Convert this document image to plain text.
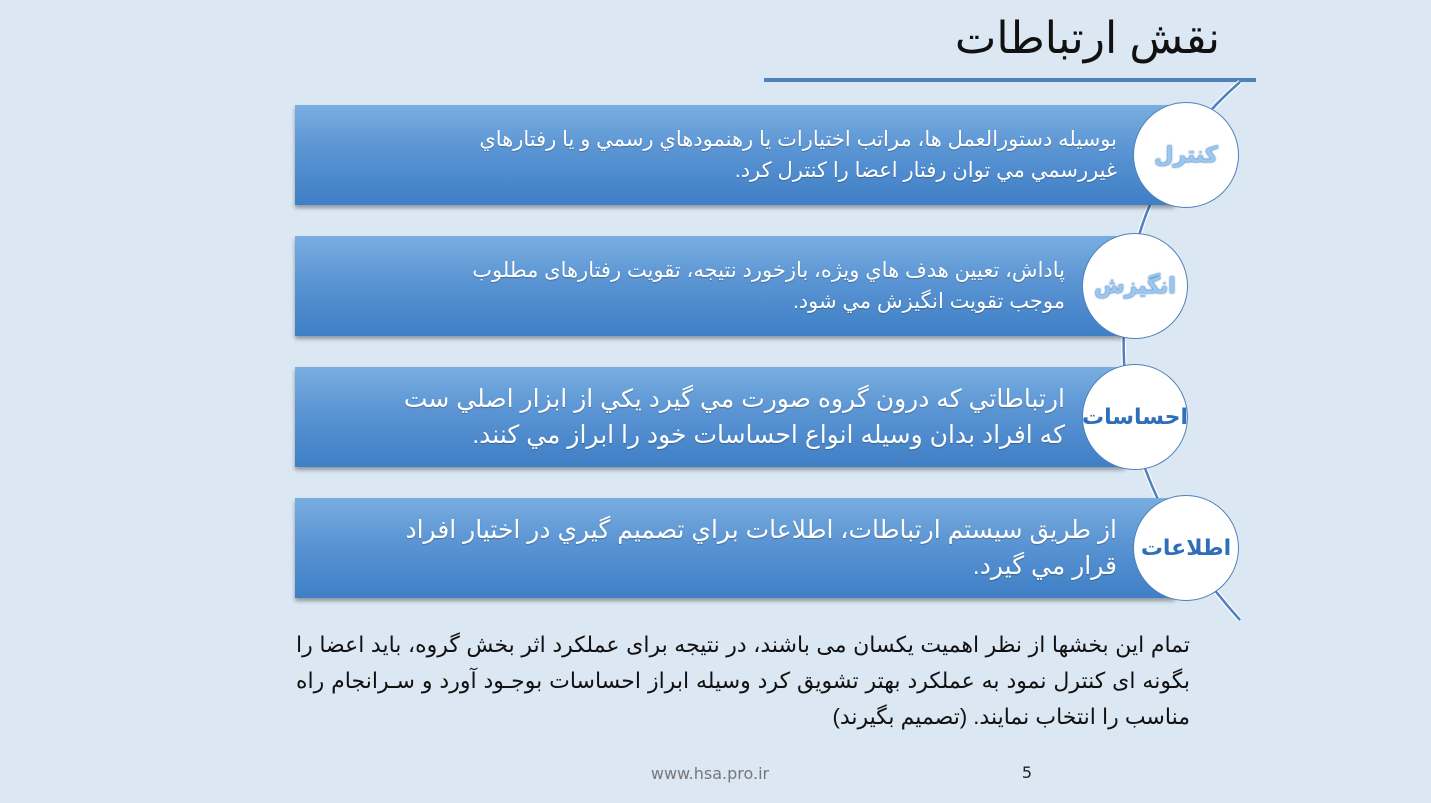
نقش ارتباطات

بوسيله دستورالعمل ها، مراتب اختيارات يا رهنمودهاي رسمي و يا رفتارهاي
غيررسمي مي توان رفتار اعضا را کنترل کرد.

کنترل

پاداش، تعيين هدف هاي ويژه، بازخورد نتيجه، تقويت رفتارهای مطلوب
موجب تقويت انگيزش مي شود.

انگيزش

ارتباطاتي که درون گروه صورت مي گيرد يکي از ابزار اصلي ست
که افراد بدان وسيله انواع احساسات خود را ابراز مي کنند.

احساسات

از طريق سيستم ارتباطات، اطلاعات براي تصميم گيري در اختيار افراد
قرار مي گيرد.

اطلاعات

تمام این بخشها از نظر اهمیت یکسان می باشند، در نتیجه برای عملکرد اثر بخش گروه، باید اعضا را بگونه ای کنترل نمود به عملکرد بهتر تشویق کرد وسیله ابراز احساسات بوجـود آورد و سـرانجام راه مناسب را انتخاب نمایند. (تصمیم بگیرند)

www.hsa.pro.ir	5
